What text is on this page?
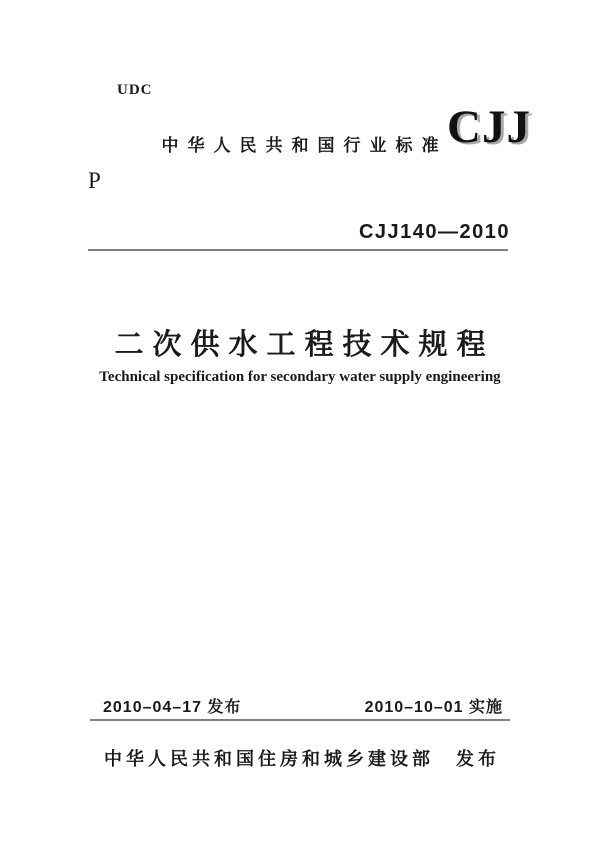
UDC
中华人民共和国行业标准 CJJ
P
CJJ140—2010
二次供水工程技术规程
Technical specification for secondary water supply engineering
2010–04–17 发布	2010–10–01 实施
中华人民共和国住房和城乡建设部　发布
